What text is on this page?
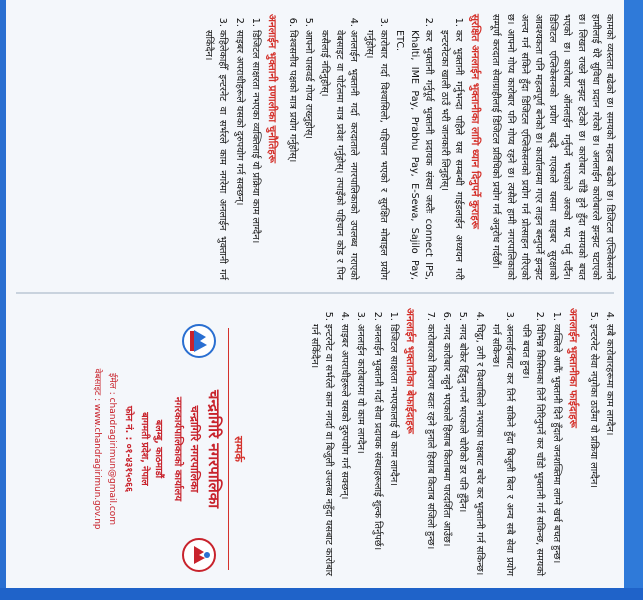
कामको व्यस्तता बढेको छ। समयको महत्व बढेको छ। डिजिटल एप्लिकेसनले हामीलाई धेरै सुविधा प्रदान गरेको छ। अनलाईन कारोबारले झन्झट घटाएको छ। लिखत राख्ने झन्झट हटेको छ। कारोबार चाँडै हुने हुँदा समयको बचत भएको छ। कारोबार ऑनलाईन गर्नुपर्ने भएकाले अरुको भर पर्नु पर्दैन। डिजिटल एप्लिकेसनको प्रयोग बढ्दै गएकाले यसमा साइबर सुरक्षाको आवश्यकता पनि महत्वपूर्ण बनेको छ। कार्यालयमा गएर लाइन बस्नुपर्ने झन्झट अन्त्य गर्न सकिने हुँदा डिजिटल एप्लिकेसनको प्रयोग गर्न प्रोत्साहन गरिएको छ। आफ्नो गोप्य कारोबार पनि गोप्य रहने छ। त्यसैले हामी नगरपालिकाको सम्पूर्ण करदाता सेवाग्राहीलाई डिजिटल प्रविधिको प्रयोग गर्न अनुरोध गर्दछौं।

सुरक्षित अनलाईन भुक्तानीका लागि ध्यान दिनुपर्ने कुराहरू
1. कर भुक्तानी गर्नुभन्दा पहिले यस सम्बन्धी गाईडलाईन अध्ययन गरी इन्टरनेटका खाली ठाउँ भरी जानकारी लिनुहोस्।
2. कर भुक्तानी गर्नुपूर्व भुक्तानी प्रदायक संस्था जस्तैः connect IPS, Khalti, IME Pay, Prabhu Pay, E-Sewa, Sajilo Pay, ETC.
3. कारोबार गर्दा विश्वासिलो, पहिचान भएको र सुरक्षित मोबाइल प्रयोग गर्नुहोस्।
4. अनलाईन भुक्तानी गर्दा करदाताले नगरपालिकाको उपलब्ध गराएको वेबसाइट वा पोर्टलमा मात्र प्रवेश गर्नुहोस्। तपाइँको पहिचान कोड र पिन कसैलाई नदिनुहोस्।
5. आफ्नो पासवर्ड गोप्य राख्नुहोस्।
6. विश्वसनीय पक्षको मात्र प्रयोग गर्नुहोस्।
अनलाईन भुक्तानी प्रणालीका चुनौतिहरू
1. डिजिटल साक्षरता नभएका व्यक्तिलाई यो प्रक्रिया काम लाग्दैन।
2. साइबर अपराधीहरूले यसको दुरुपयोग गर्न सक्छन्।
3. कहिलेकाहीँ इन्टरनेट वा सर्भरले काम नगरेमा अनलाईन भुक्तानी गर्न सकिंदैन।
4. सबै कारोबारहरूमा काम लाग्दैन।
5. इन्टरनेट सेवा नपुगेका ठाउँमा यो प्रक्रिया लाग्दैन।
अनलाईन भुक्तानीका फाईदाहरू
1. व्यक्तिले आफैं भुक्तानी दिने हुँदाले जनशक्तिमा लाग्ने खर्च बचत हुन्छ।
2. विभिन्न किसिमका तिर्ने तिरिनुपर्ने कर चाँडो भुक्तानी गर्न सकिन्छ, समयको पनि बचत हुन्छ।
3. अनलाईनबाट कर तिर्न सकिने हुँदा बिजुली बिल र अन्य सबै सेवा प्रयोग गर्न सकिन्छ।
4. चिट्ठा, ठगी र विश्वासिलो नभएका पक्षबाट बचेर कर भुक्तानी गर्न सकिन्छ।
5. नगद बोकेर हिँड्नु नपर्ने भएकाले चोरीको डर पनि हुँदैन।
6. नगद कारोबार नहुने भएकाले हिसाब किताबमा पारदर्शिता आउँछ।
7. कारोबारको विवरण स्वतः रहने हुनाले हिसाब किताब सजिलो हुन्छ।
अनलाईन भुक्तानीका बेफाईदाहरू
1. डिजिटल साक्षरता नभएकालाई यो काम लाग्दैन।
2. अनलाईन भुक्तानी गर्दा सेवा प्रदायक संस्थाहरूलाई शुल्क तिर्नुपर्छ।
3. अनलाईन कारोबारमा यो काम लाग्दैन।
4. साइबर अपराधीहरूले यसको दुरुपयोग गर्न सक्छन्।
5. इन्टरनेट वा सर्भरले काम नगर्दा वा बिजुली उपलब्ध नहुँदा यसबाट कारोबार गर्न सकिंदैन।
सम्पर्क
चन्द्रागिरि नगरपालिका
चन्द्रागिरि नगरपालिका
नगरकार्यपालिकाको कार्यालय
बलम्बु, काठमाडौं
बागमती प्रदेश, नेपाल
फोन नं. : ०१-४३१५०६६
ईमेल : chandragirimun@gmail.com
वेबसाइट : www.chandragirimun.gov.np
